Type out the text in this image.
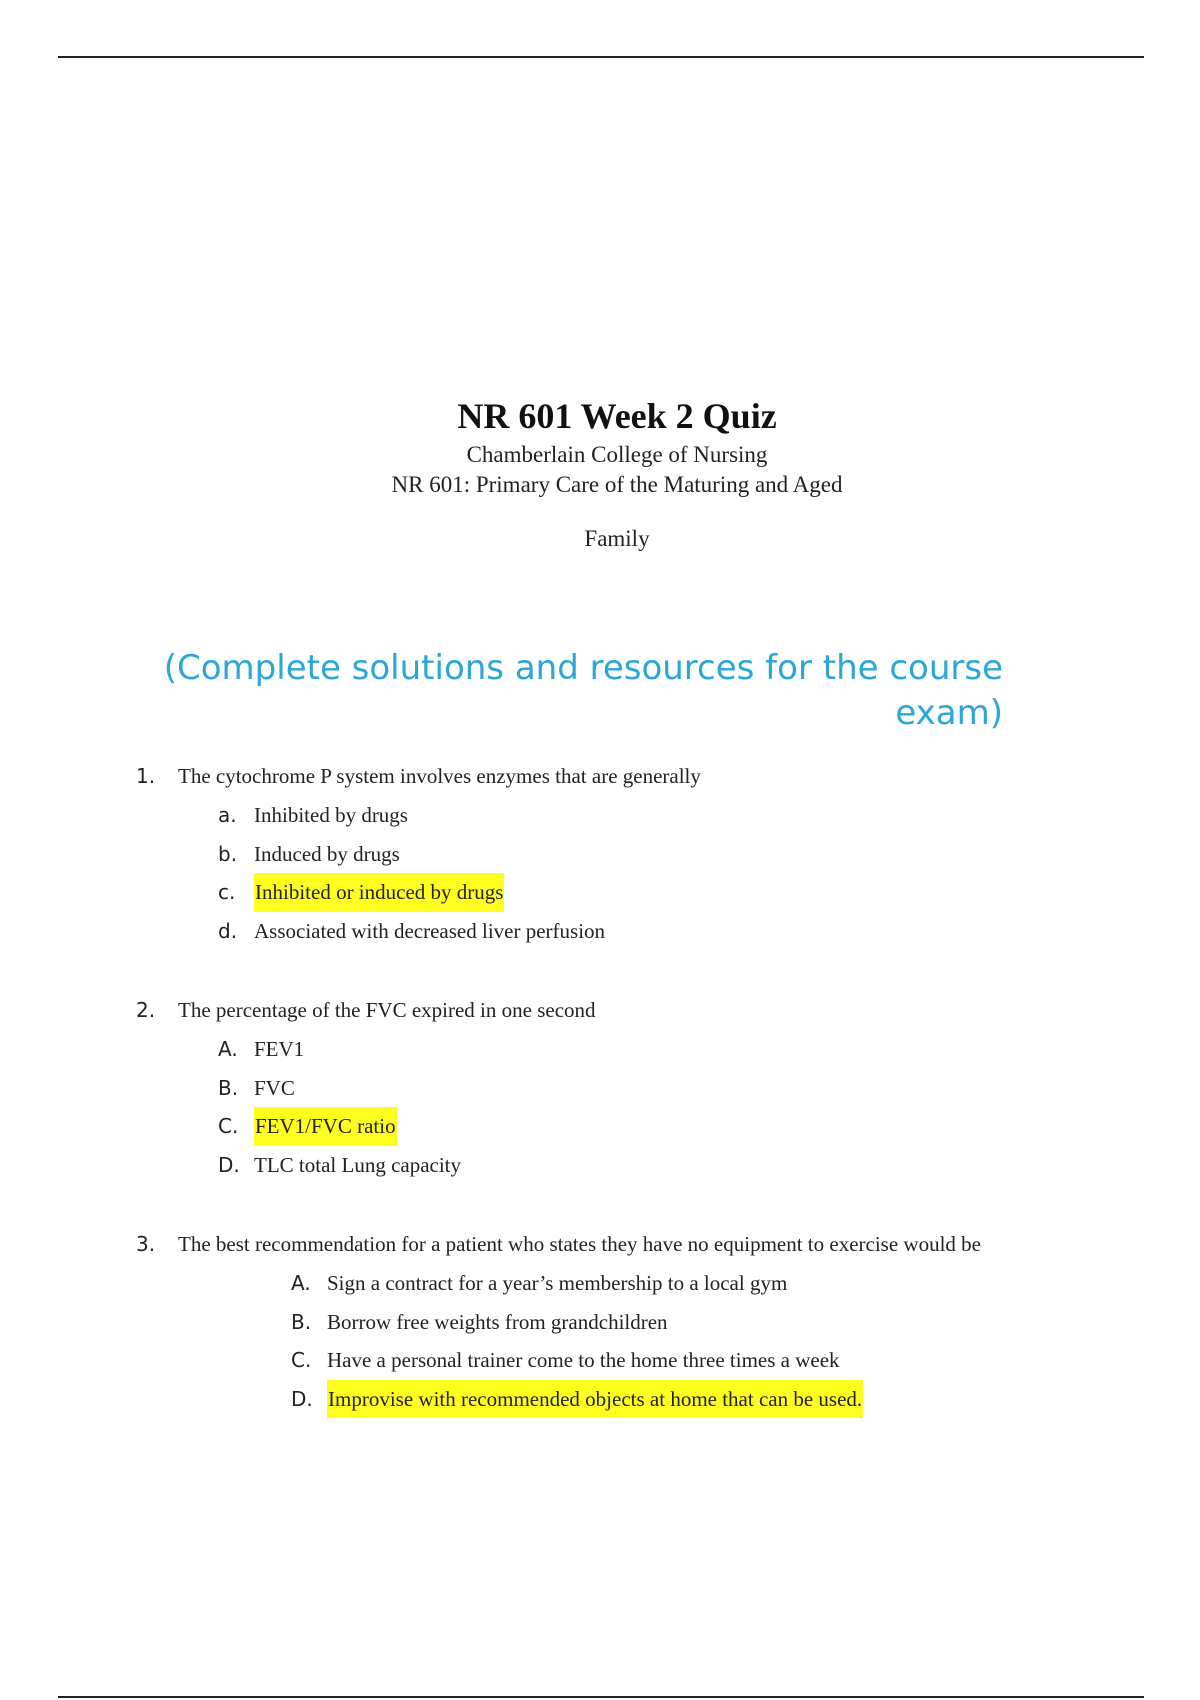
NR 601 Week 2 Quiz

Chamberlain College of Nursing

NR 601: Primary Care of the Maturing and Aged

Family

(Complete solutions and resources for the course exam)
1. The cytochrome P system involves enzymes that are generally
a. Inhibited by drugs
b. Induced by drugs
c. Inhibited or induced by drugs
d. Associated with decreased liver perfusion
2. The percentage of the FVC expired in one second
A. FEV1
B. FVC
C. FEV1/FVC ratio
D. TLC total Lung capacity
3. The best recommendation for a patient who states they have no equipment to exercise would be
A. Sign a contract for a year’s membership to a local gym
B. Borrow free weights from grandchildren
C. Have a personal trainer come to the home three times a week
D. Improvise with recommended objects at home that can be used.
